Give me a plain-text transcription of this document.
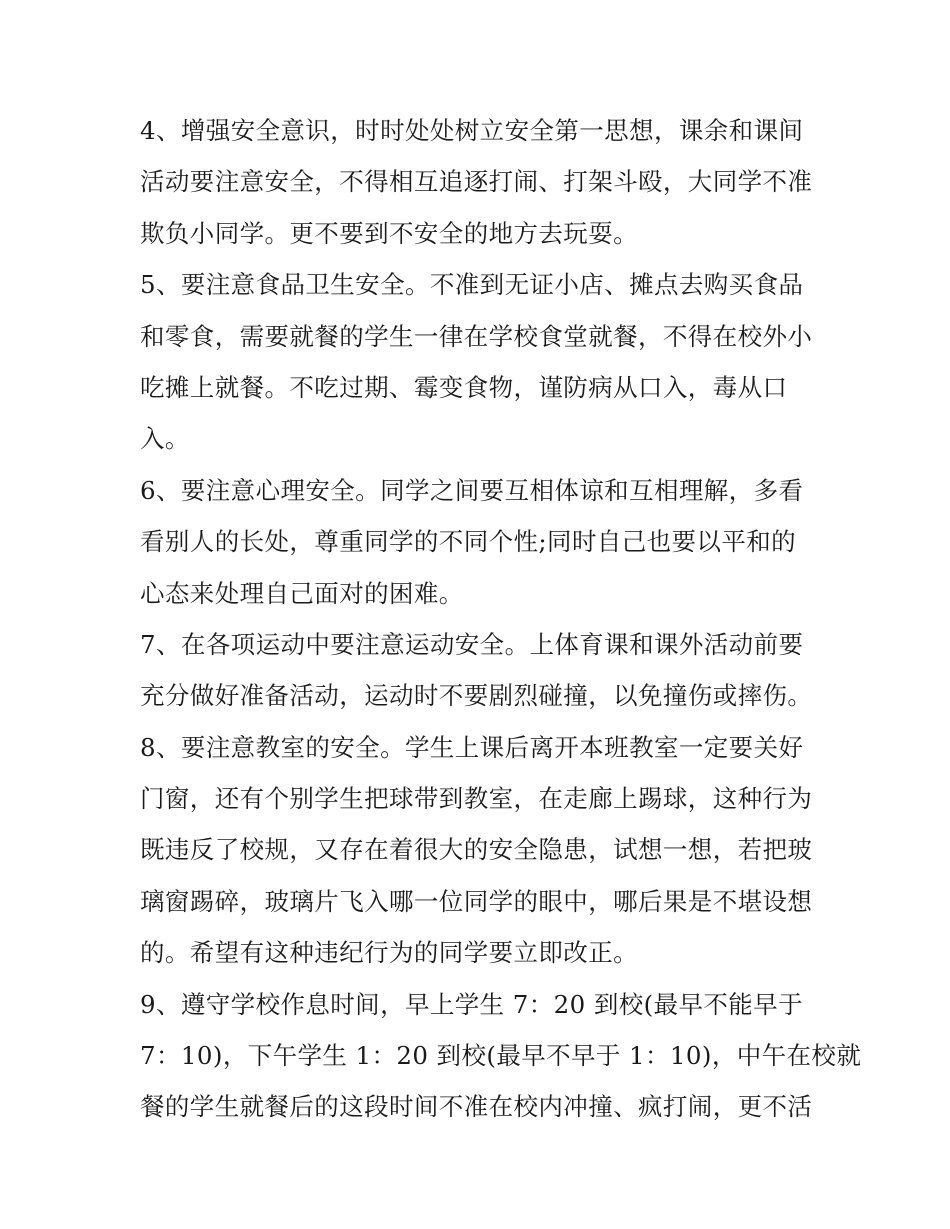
4、增强安全意识，时时处处树立安全第一思想，课余和课间
活动要注意安全，不得相互追逐打闹、打架斗殴，大同学不准
欺负小同学。更不要到不安全的地方去玩耍。
5、要注意食品卫生安全。不准到无证小店、摊点去购买食品
和零食，需要就餐的学生一律在学校食堂就餐，不得在校外小
吃摊上就餐。不吃过期、霉变食物，谨防病从口入，毒从口
入。
6、要注意心理安全。同学之间要互相体谅和互相理解，多看
看别人的长处，尊重同学的不同个性;同时自己也要以平和的
心态来处理自己面对的困难。
7、在各项运动中要注意运动安全。上体育课和课外活动前要
充分做好准备活动，运动时不要剧烈碰撞，以免撞伤或摔伤。
8、要注意教室的安全。学生上课后离开本班教室一定要关好
门窗，还有个别学生把球带到教室，在走廊上踢球，这种行为
既违反了校规，又存在着很大的安全隐患，试想一想，若把玻
璃窗踢碎，玻璃片飞入哪一位同学的眼中，哪后果是不堪设想
的。希望有这种违纪行为的同学要立即改正。
9、遵守学校作息时间，早上学生 7：20 到校(最早不能早于
7：10)，下午学生 1：20 到校(最早不早于 1：10)，中午在校就
餐的学生就餐后的这段时间不准在校内冲撞、疯打闹，更不活
